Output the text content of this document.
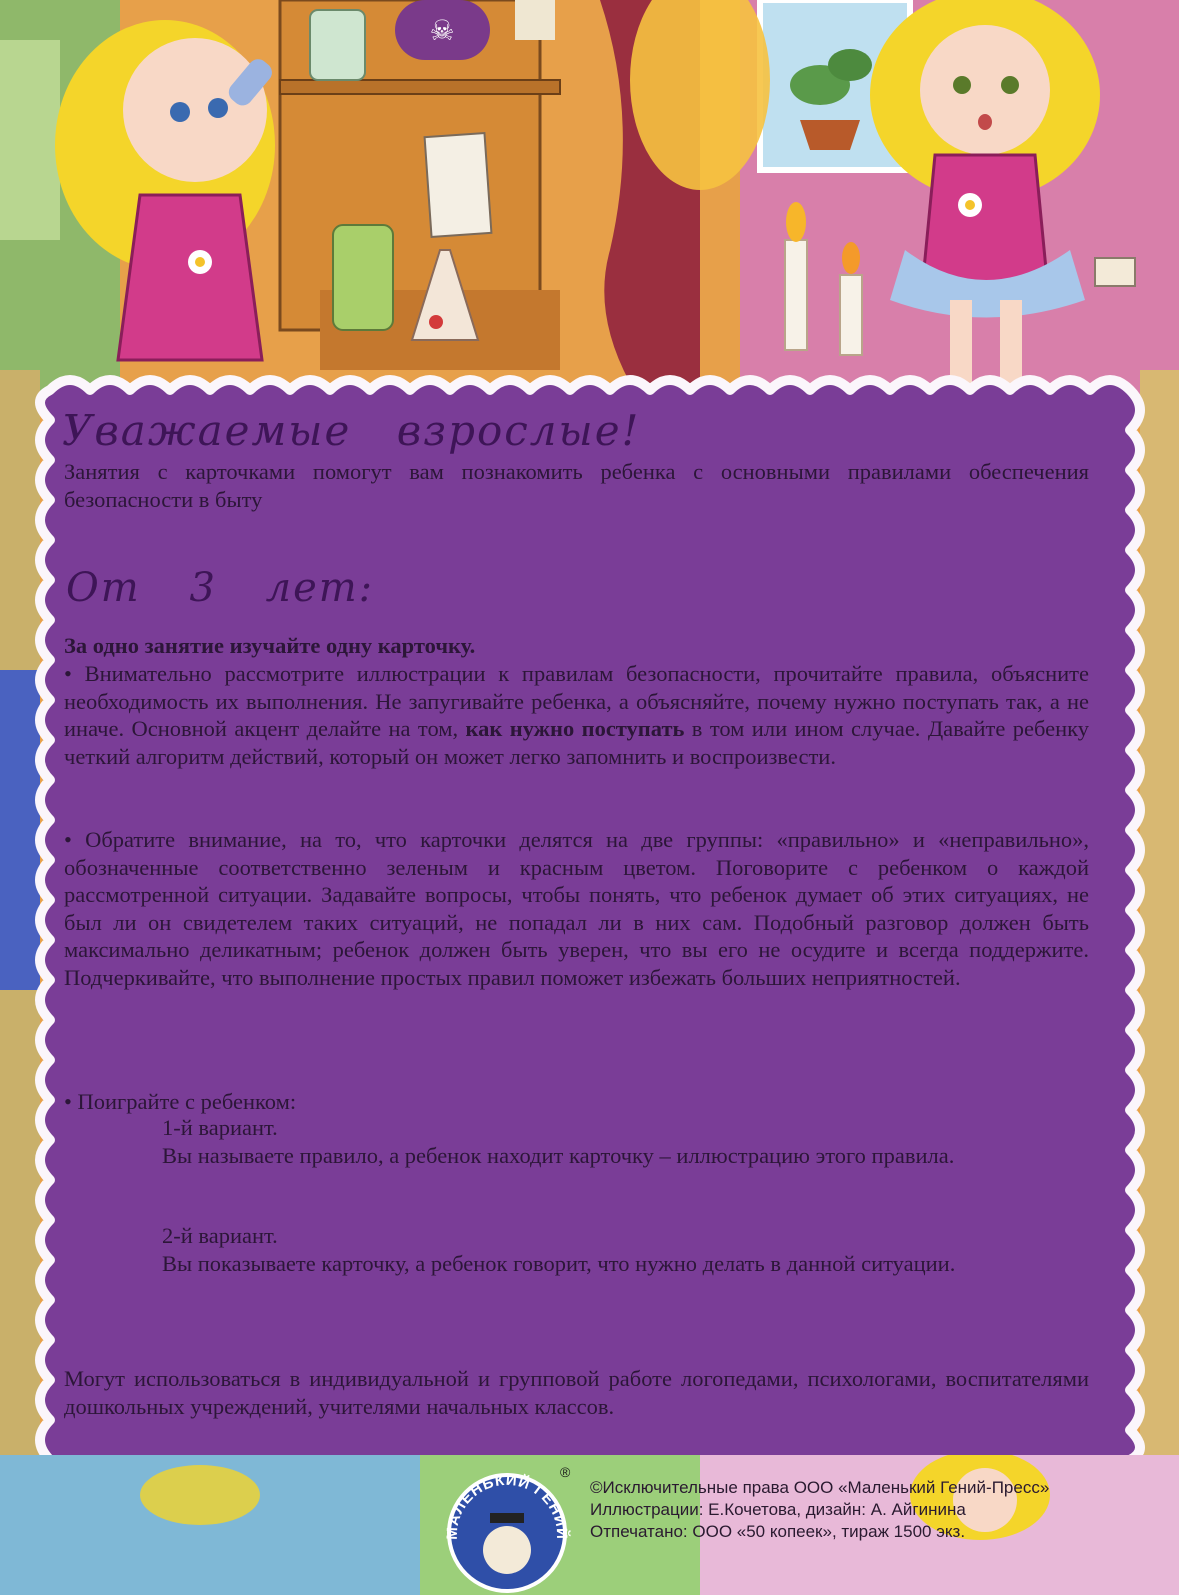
☠
Уважаемые взрослые!

Занятия с карточками помогут вам познакомить ребенка с основными правилами обеспечения безопасности в быту

От 3 лет:

За одно занятие изучайте одну карточку.

• Внимательно рассмотрите иллюстрации к правилам безопасности, прочитайте правила, объясните необходимость их выполнения. Не запугивайте ребенка, а объясняйте, почему нужно поступать так, а не иначе. Основной акцент делайте на том, как нужно поступать в том или ином случае. Давайте ребенку четкий алгоритм действий, который он может легко запомнить и воспроизвести.

• Обратите внимание, на то, что карточки делятся на две группы: «правильно» и «неправильно», обозначенные соответственно зеленым и красным цветом. Поговорите с ребенком о каждой рассмотренной ситуации. Задавайте вопросы, чтобы понять, что ребенок думает об этих ситуациях, не был ли он свидетелем таких ситуаций, не попадал ли в них сам. Подобный разговор должен быть максимально деликатным; ребенок должен быть уверен, что вы его не осудите и всегда поддержите. Подчеркивайте, что выполнение простых правил поможет избежать больших неприятностей.

• Поиграйте с ребенком:

1-й вариант.
Вы называете правило, а ребенок находит карточку – иллюстрацию этого правила.
2-й вариант.
Вы показываете карточку, а ребенок говорит, что нужно делать в данной ситуации.

Могут использоваться в индивидуальной и групповой работе логопедами, психологами, воспитателями дошкольных учреждений, учителями начальных классов.

МАЛЕНЬКИЙ ГЕНИЙ
®
©Исключительные права ООО «Маленький Гений-Пресс»
Иллюстрации: Е.Кочетова, дизайн: А. Айгинина
Отпечатано: ООО «50 копеек», тираж 1500 экз.
